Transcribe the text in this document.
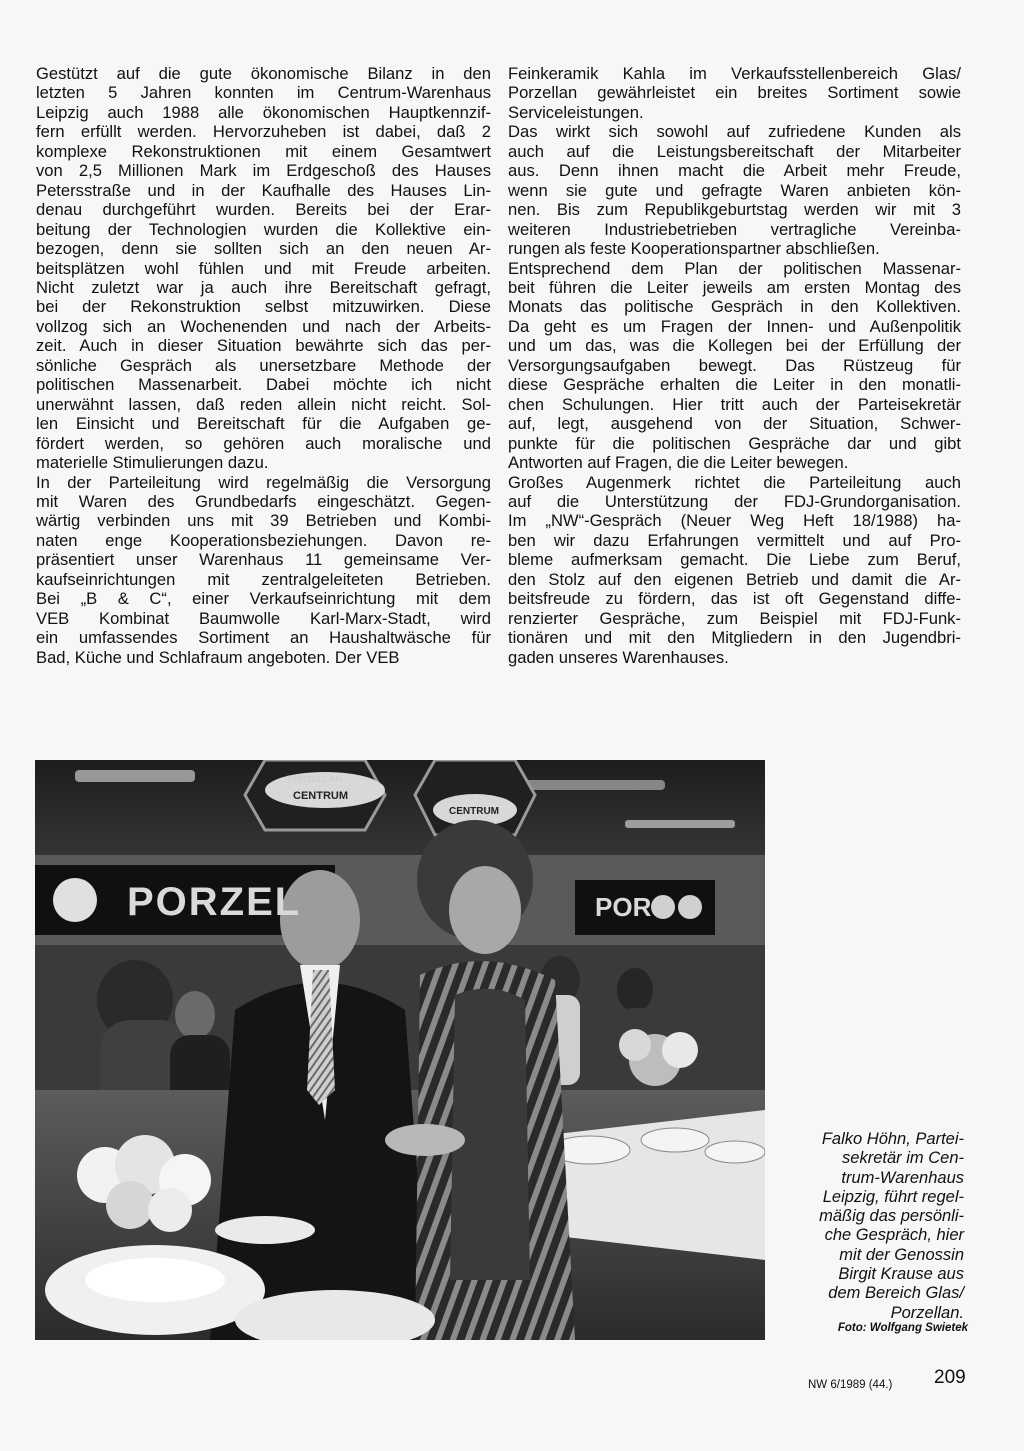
Gestützt auf die gute ökonomische Bilanz in den
letzten 5 Jahren konnten im Centrum-Warenhaus
Leipzig auch 1988 alle ökonomischen Hauptkennzif-
fern erfüllt werden. Hervorzuheben ist dabei, daß 2
komplexe Rekonstruktionen mit einem Gesamtwert
von 2,5 Millionen Mark im Erdgeschoß des Hauses
Petersstraße und in der Kaufhalle des Hauses Lin-
denau durchgeführt wurden. Bereits bei der Erar-
beitung der Technologien wurden die Kollektive ein-
bezogen, denn sie sollten sich an den neuen Ar-
beitsplätzen wohl fühlen und mit Freude arbeiten.
Nicht zuletzt war ja auch ihre Bereitschaft gefragt,
bei der Rekonstruktion selbst mitzuwirken. Diese
vollzog sich an Wochenenden und nach der Arbeits-
zeit. Auch in dieser Situation bewährte sich das per-
sönliche Gespräch als unersetzbare Methode der
politischen Massenarbeit. Dabei möchte ich nicht
unerwähnt lassen, daß reden allein nicht reicht. Sol-
len Einsicht und Bereitschaft für die Aufgaben ge-
fördert werden, so gehören auch moralische und
materielle Stimulierungen dazu.
In der Parteileitung wird regelmäßig die Versorgung
mit Waren des Grundbedarfs eingeschätzt. Gegen-
wärtig verbinden uns mit 39 Betrieben und Kombi-
naten enge Kooperationsbeziehungen. Davon re-
präsentiert unser Warenhaus 11 gemeinsame Ver-
kaufseinrichtungen mit zentralgeleiteten Betrieben.
Bei „B & C“, einer Verkaufseinrichtung mit dem
VEB Kombinat Baumwolle Karl-Marx-Stadt, wird
ein umfassendes Sortiment an Haushaltwäsche für
Bad, Küche und Schlafraum angeboten. Der VEB
Feinkeramik Kahla im Verkaufsstellenbereich Glas/
Porzellan gewährleistet ein breites Sortiment sowie
Serviceleistungen.
Das wirkt sich sowohl auf zufriedene Kunden als
auch auf die Leistungsbereitschaft der Mitarbeiter
aus. Denn ihnen macht die Arbeit mehr Freude,
wenn sie gute und gefragte Waren anbieten kön-
nen. Bis zum Republikgeburtstag werden wir mit 3
weiteren Industriebetrieben vertragliche Vereinba-
rungen als feste Kooperationspartner abschließen.
Entsprechend dem Plan der politischen Massenar-
beit führen die Leiter jeweils am ersten Montag des
Monats das politische Gespräch in den Kollektiven.
Da geht es um Fragen der Innen- und Außenpolitik
und um das, was die Kollegen bei der Erfüllung der
Versorgungsaufgaben bewegt. Das Rüstzeug für
diese Gespräche erhalten die Leiter in den monatli-
chen Schulungen. Hier tritt auch der Parteisekretär
auf, legt, ausgehend von der Situation, Schwer-
punkte für die politischen Gespräche dar und gibt
Antworten auf Fragen, die die Leiter bewegen.
Großes Augenmerk richtet die Parteileitung auch
auf die Unterstützung der FDJ-Grundorganisation.
Im „NW“-Gespräch (Neuer Weg Heft 18/1988) ha-
ben wir dazu Erfahrungen vermittelt und auf Pro-
bleme aufmerksam gemacht. Die Liebe zum Beruf,
den Stolz auf den eigenen Betrieb und damit die Ar-
beitsfreude zu fördern, das ist oft Gegenstand diffe-
renzierter Gespräche, zum Beispiel mit FDJ-Funk-
tionären und mit den Mitgliedern in den Jugendbri-
gaden unseres Warenhauses.
PORZEL	POR
CENTRUM
CENTRUM
PORZELLAN
Falko Höhn, Partei-
sekretär im Cen-
trum-Warenhaus
Leipzig, führt regel-
mäßig das persönli-
che Gespräch, hier
mit der Genossin
Birgit Krause aus
dem Bereich Glas/
Porzellan.
Foto: Wolfgang Swietek
NW 6/1989 (44.) 209
